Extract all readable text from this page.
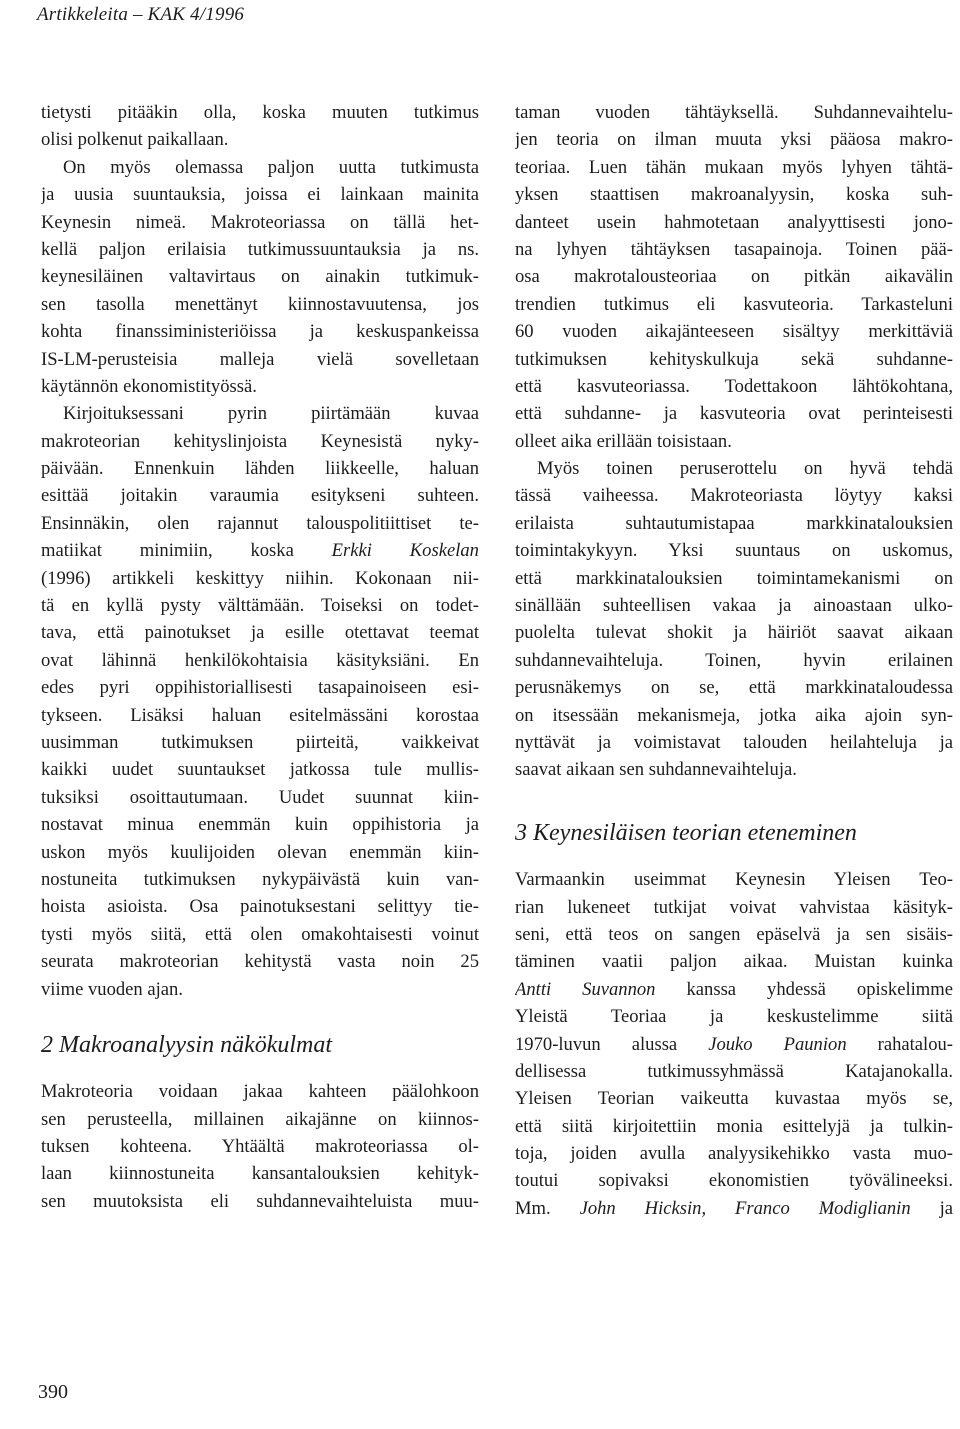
Artikkeleita – KAK 4/1996
tietysti pitääkin olla, koska muuten tutkimus
olisi polkenut paikallaan.
On myös olemassa paljon uutta tutkimusta
ja uusia suuntauksia, joissa ei lainkaan mainita
Keynesin nimeä. Makroteoriassa on tällä het-
kellä paljon erilaisia tutkimussuuntauksia ja ns.
keynesiläinen valtavirtaus on ainakin tutkimuk-
sen tasolla menettänyt kiinnostavuutensa, jos
kohta finanssiministeriöissa ja keskuspankeissa
IS-LM-perusteisia malleja vielä sovelletaan
käytännön ekonomistityössä.
Kirjoituksessani pyrin piirtämään kuvaa
makroteorian kehityslinjoista Keynesistä nyky-
päivään. Ennenkuin lähden liikkeelle, haluan
esittää joitakin varaumia esitykseni suhteen.
Ensinnäkin, olen rajannut talouspolitiittiset te-
matiikat minimiin, koska Erkki Koskelan
(1996) artikkeli keskittyy niihin. Kokonaan nii-
tä en kyllä pysty välttämään. Toiseksi on todet-
tava, että painotukset ja esille otettavat teemat
ovat lähinnä henkilökohtaisia käsityksiäni. En
edes pyri oppihistoriallisesti tasapainoiseen esi-
tykseen. Lisäksi haluan esitelmässäni korostaa
uusimman tutkimuksen piirteitä, vaikkeivat
kaikki uudet suuntaukset jatkossa tule mullis-
tuksiksi osoittautumaan. Uudet suunnat kiin-
nostavat minua enemmän kuin oppihistoria ja
uskon myös kuulijoiden olevan enemmän kiin-
nostuneita tutkimuksen nykypäivästä kuin van-
hoista asioista. Osa painotuksestani selittyy tie-
tysti myös siitä, että olen omakohtaisesti voinut
seurata makroteorian kehitystä vasta noin 25
viime vuoden ajan.
2 Makroanalyysin näkökulmat
Makroteoria voidaan jakaa kahteen päälohkoon
sen perusteella, millainen aikajänne on kiinnos-
tuksen kohteena. Yhtäältä makroteoriassa ol-
laan kiinnostuneita kansantalouksien kehityk-
sen muutoksista eli suhdannevaihteluista muu-
taman vuoden tähtäyksellä. Suhdannevaihtelu-
jen teoria on ilman muuta yksi pääosa makro-
teoriaa. Luen tähän mukaan myös lyhyen tähtä-
yksen staattisen makroanalyysin, koska suh-
danteet usein hahmotetaan analyyttisesti jono-
na lyhyen tähtäyksen tasapainoja. Toinen pää-
osa makrotalousteoriaa on pitkän aikavälin
trendien tutkimus eli kasvuteoria. Tarkasteluni
60 vuoden aikajänteeseen sisältyy merkittäviä
tutkimuksen kehityskulkuja sekä suhdanne-
että kasvuteoriassa. Todettakoon lähtökohtana,
että suhdanne- ja kasvuteoria ovat perinteisesti
olleet aika erillään toisistaan.
Myös toinen peruserottelu on hyvä tehdä
tässä vaiheessa. Makroteoriasta löytyy kaksi
erilaista suhtautumistapaa markkinatalouksien
toimintakykyyn. Yksi suuntaus on uskomus,
että markkinatalouksien toimintamekanismi on
sinällään suhteellisen vakaa ja ainoastaan ulko-
puolelta tulevat shokit ja häiriöt saavat aikaan
suhdannevaihteluja. Toinen, hyvin erilainen
perusnäkemys on se, että markkinataloudessa
on itsessään mekanismeja, jotka aika ajoin syn-
nyttävät ja voimistavat talouden heilahteluja ja
saavat aikaan sen suhdannevaihteluja.
3 Keynesiläisen teorian eteneminen
Varmaankin useimmat Keynesin Yleisen Teo-
rian lukeneet tutkijat voivat vahvistaa käsityk-
seni, että teos on sangen epäselvä ja sen sisäis-
täminen vaatii paljon aikaa. Muistan kuinka
Antti Suvannon kanssa yhdessä opiskelimme
Yleistä Teoriaa ja keskustelimme siitä
1970-luvun alussa Jouko Paunion rahatalou-
dellisessa tutkimussyhmässä Katajanokalla.
Yleisen Teorian vaikeutta kuvastaa myös se,
että siitä kirjoitettiin monia esittelyjä ja tulkin-
toja, joiden avulla analyysikehikko vasta muo-
toutui sopivaksi ekonomistien työvälineeksi.
Mm. John Hicksin, Franco Modiglianin ja
390
